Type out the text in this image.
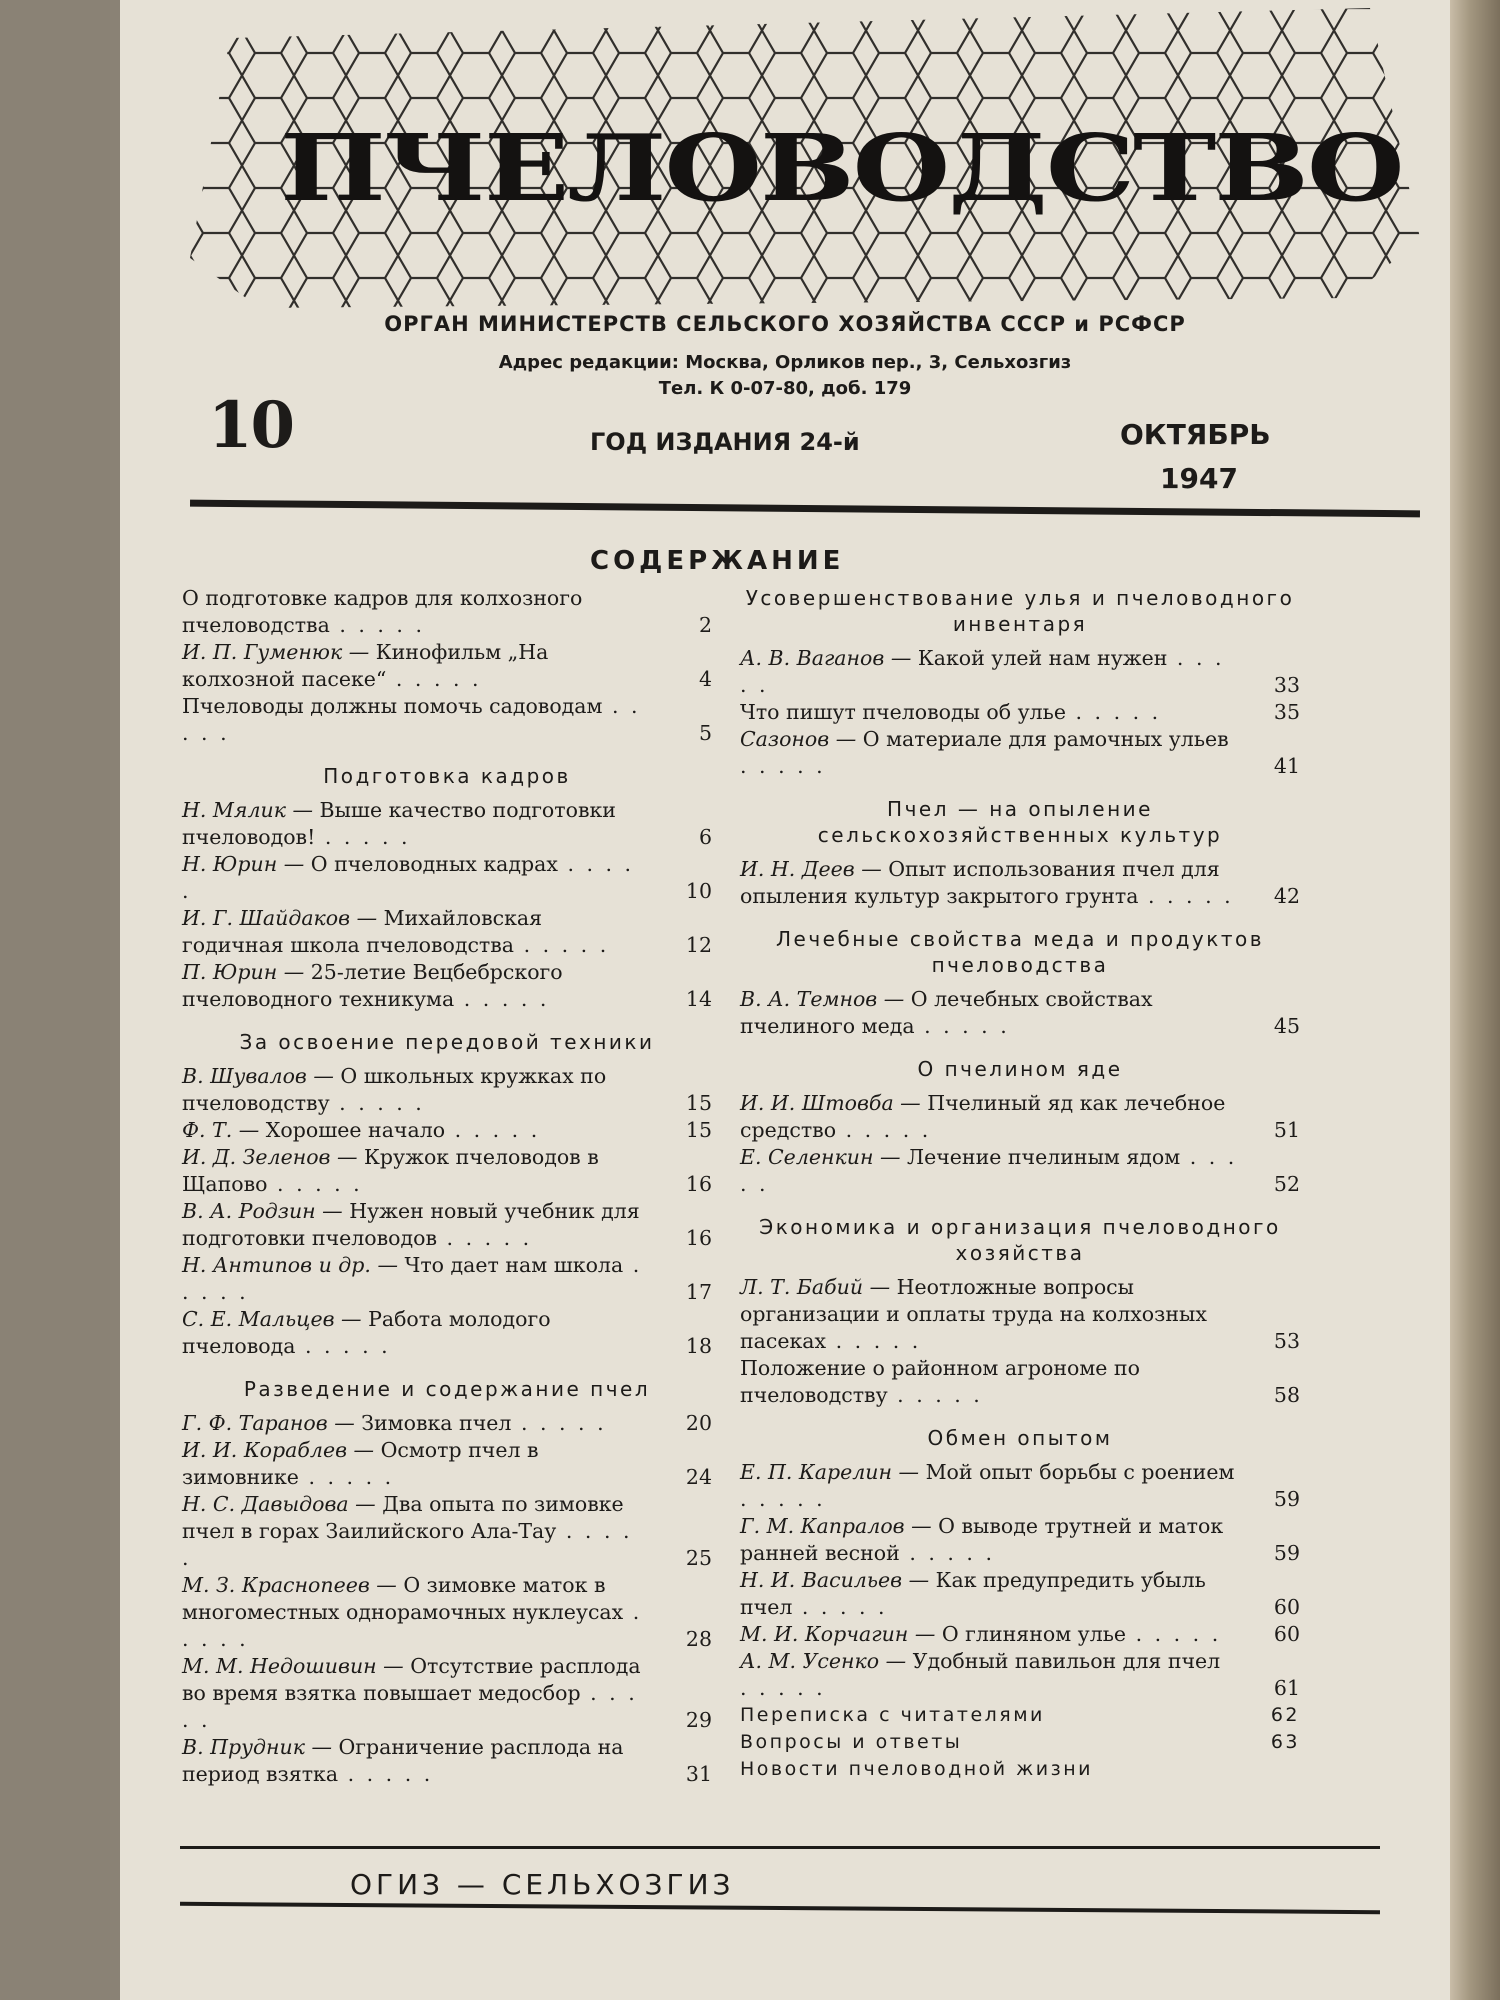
ПЧЕЛОВОДСТВО
ОРГАН МИНИСТЕРСТВ СЕЛЬСКОГО ХОЗЯЙСТВА СССР и РСФСР
Адрес редакции: Москва, Орликов пер., 3, Сельхозгиз
Тел. К 0-07-80, доб. 179
10	ГОД ИЗДАНИЯ 24-й	ОКТЯБРЬ
1947
СОДЕРЖАНИЕ
О подготовке кадров для колхозного пчеловодства . . . . .	2
И. П. Гуменюк — Кинофильм „На колхозной пасеке“ . . . . .	4
Пчеловоды должны помочь садоводам . . . . .	5
Подготовка кадров
Н. Мялик — Выше качество подготовки пчеловодов! . . . . .	6
Н. Юрин — О пчеловодных кадрах . . . . .	10
И. Г. Шайдаков — Михайловская годичная школа пчеловодства . . . . .	12
П. Юрин — 25-летие Вецбебрского пчеловодного техникума . . . . .	14
За освоение передовой техники
В. Шувалов — О школьных кружках по пчеловодству . . . . .	15
Ф. Т. — Хорошее начало . . . . .	15
И. Д. Зеленов — Кружок пчеловодов в Щапово . . . . .	16
В. А. Родзин — Нужен новый учебник для подготовки пчеловодов . . . . .	16
Н. Антипов и др. — Что дает нам школа . . . . .	17
С. Е. Мальцев — Работа молодого пчеловода . . . . .	18
Разведение и содержание пчел
Г. Ф. Таранов — Зимовка пчел . . . . .	20
И. И. Кораблев — Осмотр пчел в зимовнике . . . . .	24
Н. С. Давыдова — Два опыта по зимовке пчел в горах Заилийского Ала-Тау . . . . .	25
М. З. Краснопеев — О зимовке маток в многоместных однорамочных нуклеусах . . . . .	28
М. М. Недошивин — Отсутствие расплода во время взятка повышает медосбор . . . . .	29
В. Прудник — Ограничение расплода на период взятка . . . . .	31
Усовершенствование улья и пчеловодного инвентаря
А. В. Ваганов — Какой улей нам нужен . . . . .	33
Что пишут пчеловоды об улье . . . . .	35
Сазонов — О материале для рамочных ульев . . . . .	41
Пчел — на опыление сельскохозяйственных культур
И. Н. Деев — Опыт использования пчел для опыления культур закрытого грунта . . . . .	42
Лечебные свойства меда и продуктов пчеловодства
В. А. Темнов — О лечебных свойствах пчелиного меда . . . . .	45
О пчелином яде
И. И. Штовба — Пчелиный яд как лечебное средство . . . . .	51
Е. Селенкин — Лечение пчелиным ядом . . . . .	52
Экономика и организация пчеловодного хозяйства
Л. Т. Бабий — Неотложные вопросы организации и оплаты труда на колхозных пасеках . . . . .	53
Положение о районном агрономе по пчеловодству . . . . .	58
Обмен опытом
Е. П. Карелин — Мой опыт борьбы с роением . . . . .	59
Г. М. Капралов — О выводе трутней и маток ранней весной . . . . .	59
Н. И. Васильев — Как предупредить убыль пчел . . . . .	60
М. И. Корчагин — О глиняном улье . . . . .	60
А. М. Усенко — Удобный павильон для пчел . . . . .	61
Переписка с читателями	62
Вопросы и ответы	63
Новости пчеловодной жизни
ОГИЗ — СЕЛЬХОЗГИЗ
